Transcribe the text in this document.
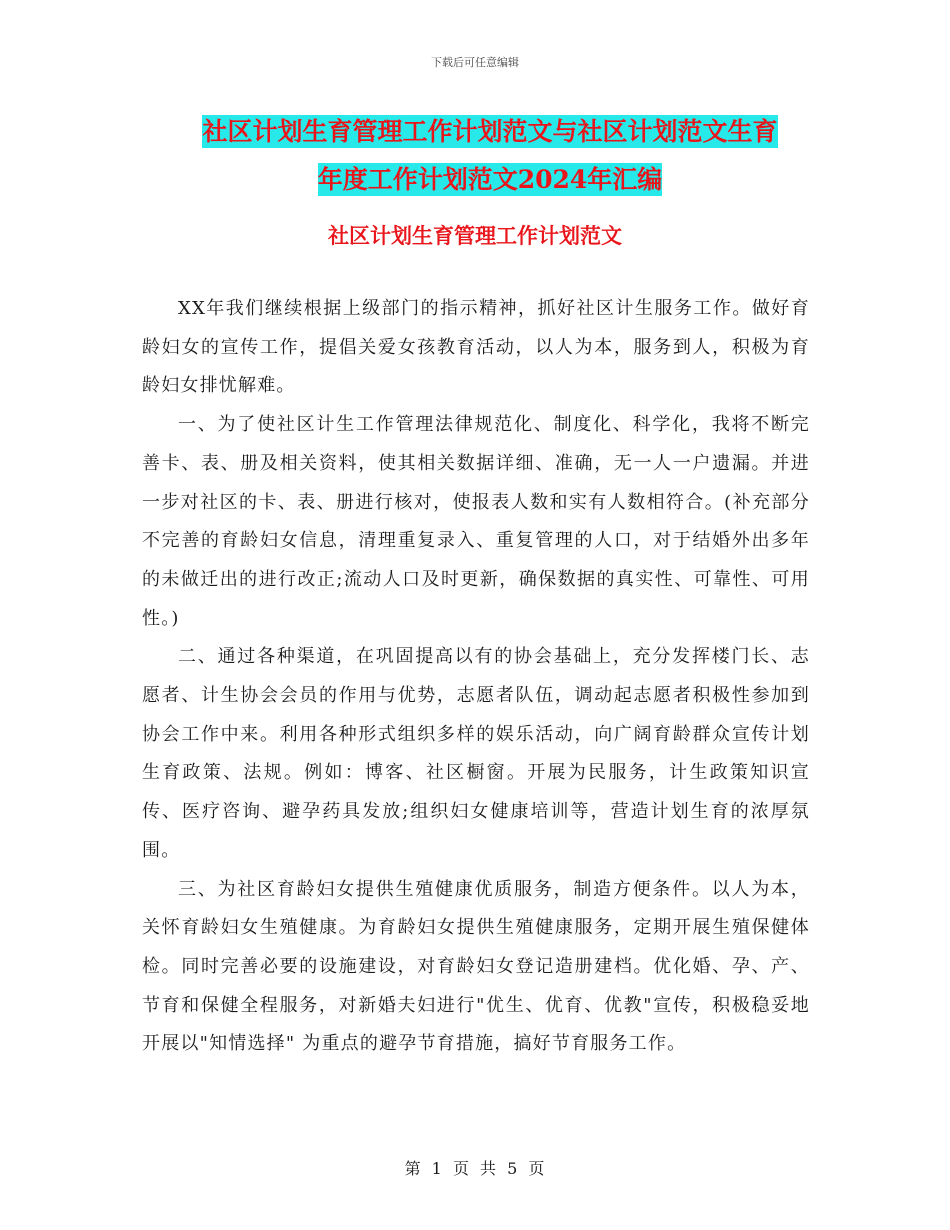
下载后可任意编辑
社区计划生育管理工作计划范文与社区计划范文生育
年度工作计划范文2024年汇编
社区计划生育管理工作计划范文

XX年我们继续根据上级部门的指示精神，抓好社区计生服务工作。做好育龄妇女的宣传工作，提倡关爱女孩教育活动，以人为本，服务到人，积极为育龄妇女排忧解难。

一、为了使社区计生工作管理法律规范化、制度化、科学化，我将不断完善卡、表、册及相关资料，使其相关数据详细、准确，无一人一户遗漏。并进一步对社区的卡、表、册进行核对，使报表人数和实有人数相符合。(补充部分不完善的育龄妇女信息，清理重复录入、重复管理的人口，对于结婚外出多年的未做迁出的进行改正;流动人口及时更新，确保数据的真实性、可靠性、可用性。)

二、通过各种渠道，在巩固提高以有的协会基础上，充分发挥楼门长、志愿者、计生协会会员的作用与优势，志愿者队伍，调动起志愿者积极性参加到协会工作中来。利用各种形式组织多样的娱乐活动，向广阔育龄群众宣传计划生育政策、法规。例如：博客、社区橱窗。开展为民服务，计生政策知识宣传、医疗咨询、避孕药具发放;组织妇女健康培训等，营造计划生育的浓厚氛围。

三、为社区育龄妇女提供生殖健康优质服务，制造方便条件。以人为本，关怀育龄妇女生殖健康。为育龄妇女提供生殖健康服务，定期开展生殖保健体检。同时完善必要的设施建设，对育龄妇女登记造册建档。优化婚、孕、产、节育和保健全程服务，对新婚夫妇进行"优生、优育、优教"宣传，积极稳妥地开展以"知情选择" 为重点的避孕节育措施，搞好节育服务工作。

第 1 页 共 5 页
